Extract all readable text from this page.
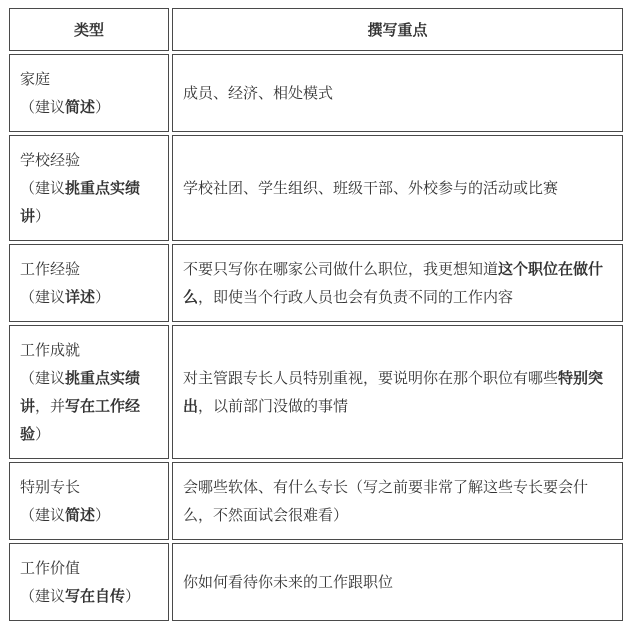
类型	撰写重点

家庭
（建议简述）	成员、经济、相处模式

学校经验
（建议挑重点实绩讲）	学校社团、学生组织、班级干部、外校参与的活动或比赛

工作经验
（建议详述）	不要只写你在哪家公司做什么职位，我更想知道这个职位在做什么，即使当个行政人员也会有负责不同的工作内容

工作成就
（建议挑重点实绩讲，并写在工作经验）	对主管跟专长人员特别重视，要说明你在那个职位有哪些特别突出，以前部门没做的事情

特别专长
（建议简述）	会哪些软体、有什么专长（写之前要非常了解这些专长要会什么，不然面试会很难看）

工作价值
（建议写在自传）	你如何看待你未来的工作跟职位
